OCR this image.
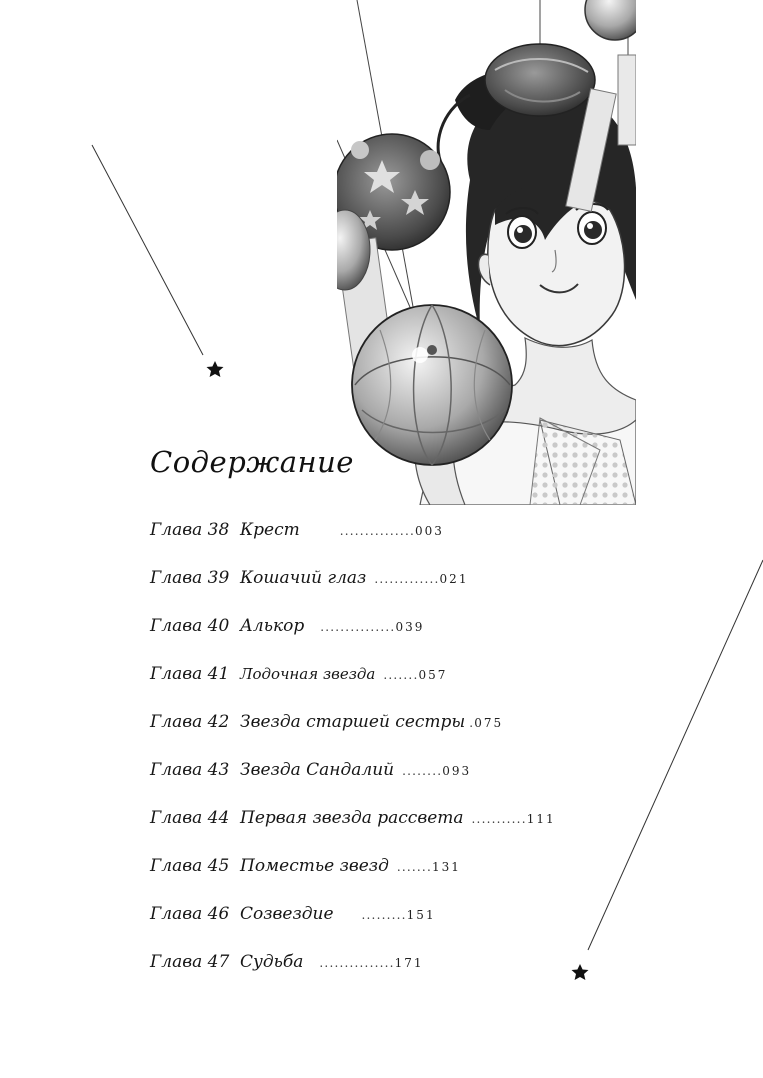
Содержание
Глава 38 Крест	............... 003
Глава 39 Кошачий глаз ............. 021
Глава 40 Алькор ............... 039
Глава 41 Лодочная звезда ....... 057
Глава 42 Звезда старшей сестры . 075
Глава 43 Звезда Сандалий ........ 093
Глава 44 Первая звезда рассвета ........... 111
Глава 45 Поместье звезд ....... 131
Глава 46 Созвездие ......... 151
Глава 47 Судьба ............... 171
